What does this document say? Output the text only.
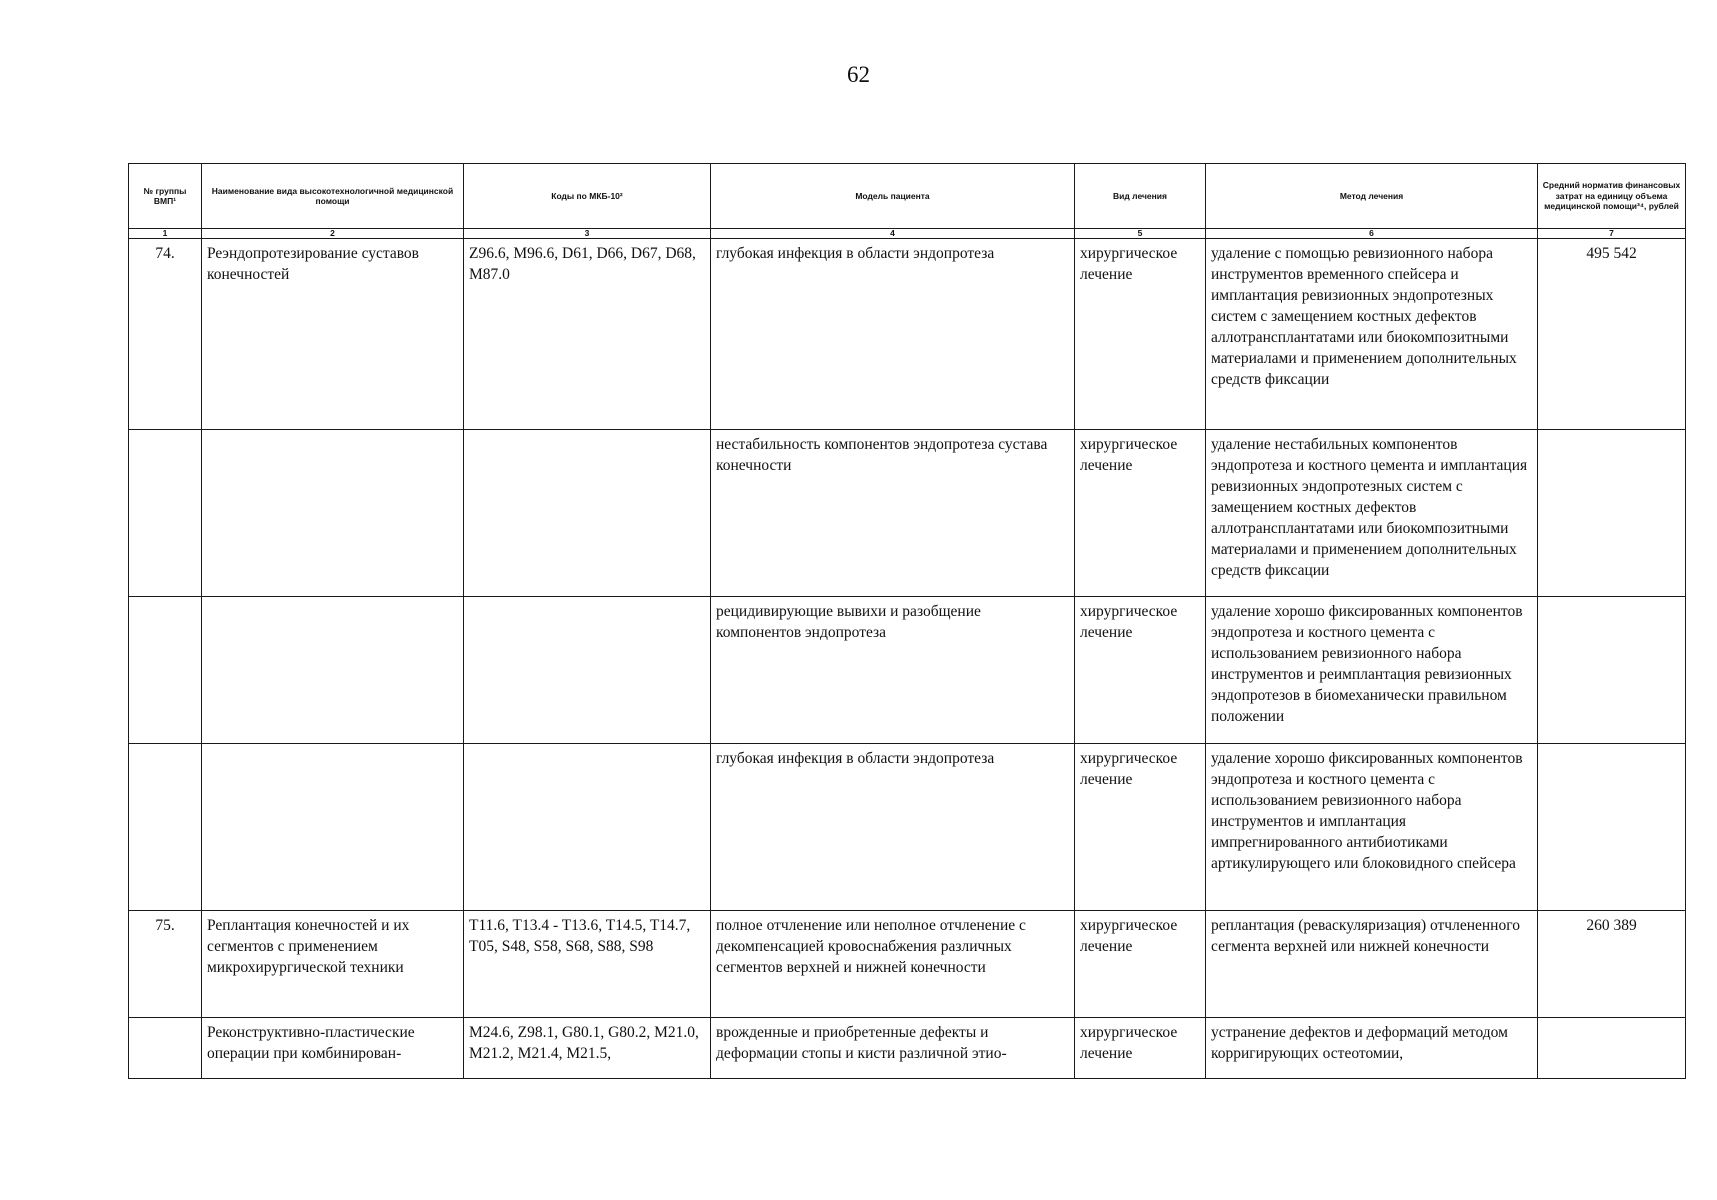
62
№ группы ВМП¹	Наименование вида высокотехнологичной медицинской помощи	Коды по МКБ-10²	Модель пациента	Вид лечения	Метод лечения	Средний норматив финансовых затрат на единицу объема медицинской помощи³⁴, рублей
1	2	3	4	5	6	7
74.	Реэндопротезирование суставов конечностей	Z96.6, M96.6, D61, D66, D67, D68, M87.0	глубокая инфекция в области эндопротеза	хирургическое лечение	удаление с помощью ревизионного набора инструментов временного спейсера и имплантация ревизионных эндопротезных систем с замещением костных дефектов аллотрансплантатами или биокомпозитными материалами и применением дополнительных средств фиксации	495 542
			нестабильность компонентов эндопротеза сустава конечности	хирургическое лечение	удаление нестабильных компонентов эндопротеза и костного цемента и имплантация ревизионных эндопротезных систем с замещением костных дефектов аллотрансплантатами или биокомпозитными материалами и применением дополнительных средств фиксации	
			рецидивирующие вывихи и разобщение компонентов эндопротеза	хирургическое лечение	удаление хорошо фиксированных компонентов эндопротеза и костного цемента с использованием ревизионного набора инструментов и реимплантация ревизионных эндопротезов в биомеханически правильном положении	
			глубокая инфекция в области эндопротеза	хирургическое лечение	удаление хорошо фиксированных компонентов эндопротеза и костного цемента с использованием ревизионного набора инструментов и имплантация импрегнированного антибиотиками артикулирующего или блоковидного спейсера	
75.	Реплантация конечностей и их сегментов с применением микрохирургической техники	T11.6, T13.4 - T13.6, T14.5, T14.7, T05, S48, S58, S68, S88, S98	полное отчленение или неполное отчленение с декомпенсацией кровоснабжения различных сегментов верхней и нижней конечности	хирургическое лечение	реплантация (реваскуляризация) отчлененного сегмента верхней или нижней конечности	260 389
	Реконструктивно-пластические операции при комбинирован-	M24.6, Z98.1, G80.1, G80.2, M21.0, M21.2, M21.4, M21.5,	врожденные и приобретенные дефекты и деформации стопы и кисти различной этио-	хирургическое лечение	устранение дефектов и деформаций методом корригирующих остеотомии,	
